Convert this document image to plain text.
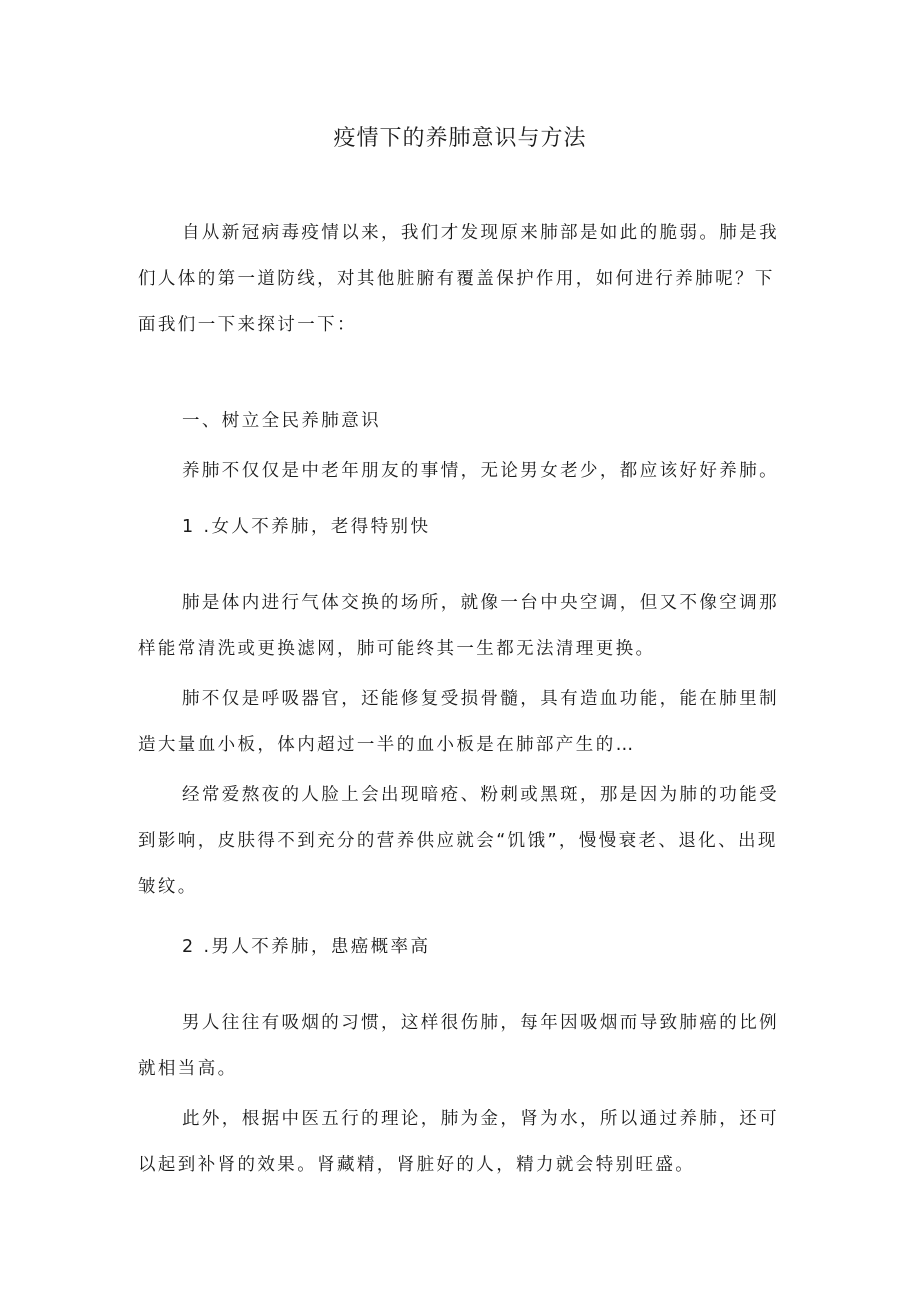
疫情下的养肺意识与方法

自从新冠病毒疫情以来，我们才发现原来肺部是如此的脆弱。肺是我们人体的第一道防线，对其他脏腑有覆盖保护作用，如何进行养肺呢？下面我们一下来探讨一下：

一、树立全民养肺意识

养肺不仅仅是中老年朋友的事情，无论男女老少，都应该好好养肺。

1 .女人不养肺，老得特别快

肺是体内进行气体交换的场所，就像一台中央空调，但又不像空调那样能常清洗或更换滤网，肺可能终其一生都无法清理更换。

肺不仅是呼吸器官，还能修复受损骨髓，具有造血功能，能在肺里制造大量血小板，体内超过一半的血小板是在肺部产生的…

经常爱熬夜的人脸上会出现暗疮、粉刺或黑斑，那是因为肺的功能受到影响，皮肤得不到充分的营养供应就会“饥饿”，慢慢衰老、退化、出现皱纹。

2 .男人不养肺，患癌概率高

男人往往有吸烟的习惯，这样很伤肺，每年因吸烟而导致肺癌的比例就相当高。

此外，根据中医五行的理论，肺为金，肾为水，所以通过养肺，还可以起到补肾的效果。肾藏精，肾脏好的人，精力就会特别旺盛。
